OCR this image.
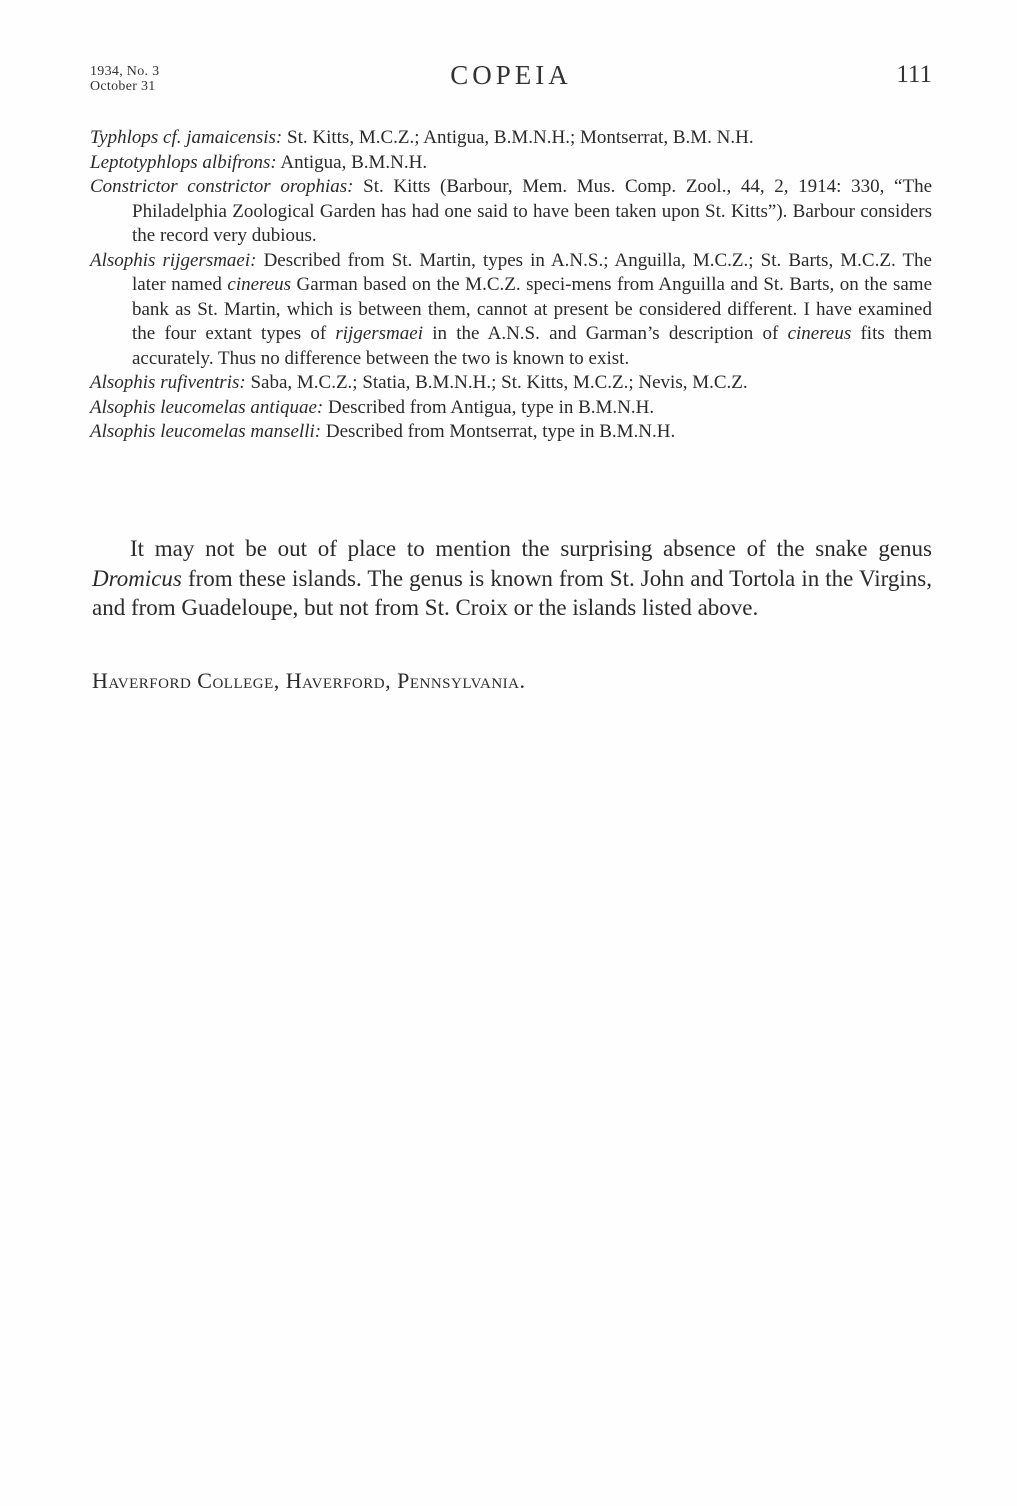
1934, No. 3
October 31	COPEIA	111

Typhlops cf. jamaicensis: St. Kitts, M.C.Z.; Antigua, B.M.N.H.; Montserrat, B.M. N.H.

Leptotyphlops albifrons: Antigua, B.M.N.H.

Constrictor constrictor orophias: St. Kitts (Barbour, Mem. Mus. Comp. Zool., 44, 2, 1914: 330, “The Philadelphia Zoological Garden has had one said to have been taken upon St. Kitts”). Barbour considers the record very dubious.

Alsophis rijgersmaei: Described from St. Martin, types in A.N.S.; Anguilla, M.C.Z.; St. Barts, M.C.Z. The later named cinereus Garman based on the M.C.Z. speci-mens from Anguilla and St. Barts, on the same bank as St. Martin, which is between them, cannot at present be considered different. I have examined the four extant types of rijgersmaei in the A.N.S. and Garman’s description of cinereus fits them accurately. Thus no difference between the two is known to exist.

Alsophis rufiventris: Saba, M.C.Z.; Statia, B.M.N.H.; St. Kitts, M.C.Z.; Nevis, M.C.Z.

Alsophis leucomelas antiquae: Described from Antigua, type in B.M.N.H.

Alsophis leucomelas manselli: Described from Montserrat, type in B.M.N.H.

It may not be out of place to mention the surprising absence of the snake genus Dromicus from these islands. The genus is known from St. John and Tortola in the Virgins, and from Guadeloupe, but not from St. Croix or the islands listed above.

Haverford College, Haverford, Pennsylvania.
